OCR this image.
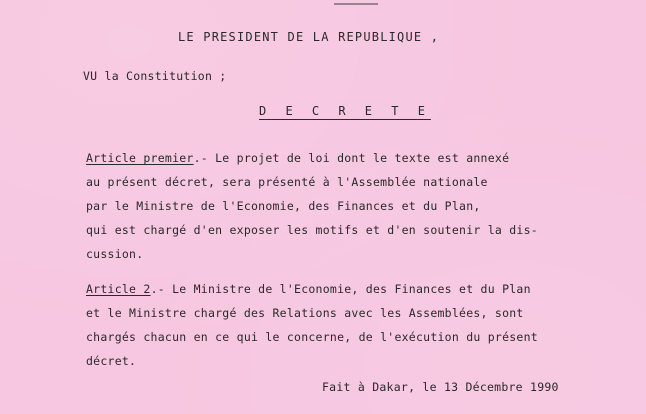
LE PRESIDENT DE LA REPUBLIQUE ,
VU la Constitution ;
D E C R E T E
Article premier.- Le projet de loi dont le texte est annexé
au présent décret, sera présenté à l'Assemblée nationale
par le Ministre de l'Economie, des Finances et du Plan,
qui est chargé d'en exposer les motifs et d'en soutenir la dis-
cussion.
Article 2.- Le Ministre de l'Economie, des Finances et du Plan
et le Ministre chargé des Relations avec les Assemblées, sont
chargés chacun en ce qui le concerne, de l'exécution du présent
décret.
Fait à Dakar, le 13 Décembre 1990
